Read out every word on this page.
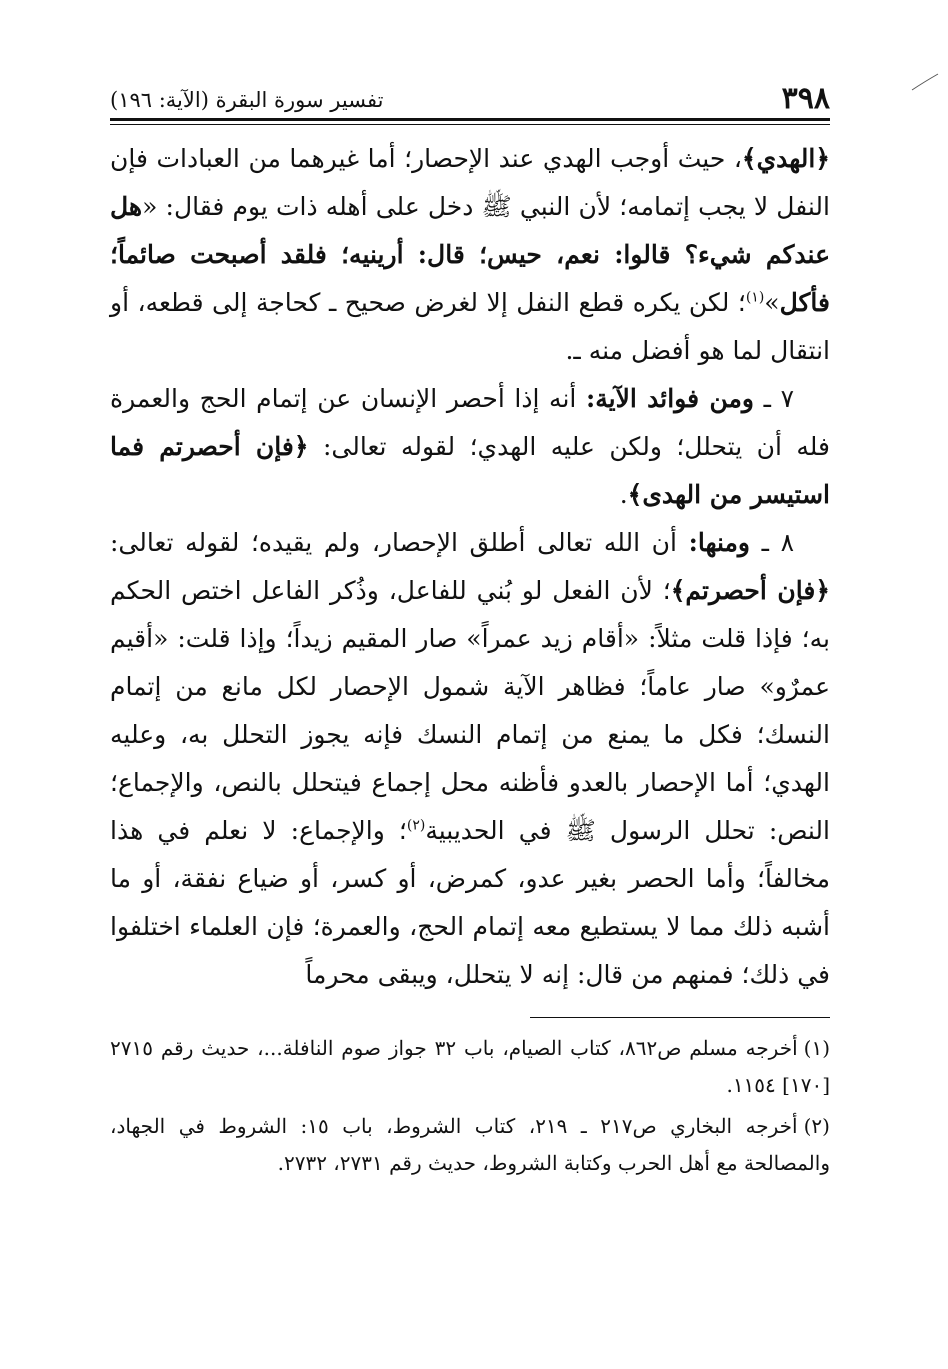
٣٩٨
تفسير سورة البقرة (الآية: ١٩٦)

﴿ الهدي ﴾، حيث أوجب الهدي عند الإحصار؛ أما غيرهما من العبادات فإن النفل لا يجب إتمامه؛ لأن النبي ﷺ دخل على أهله ذات يوم فقال: «هل عندكم شيء؟ قالوا: نعم، حيس؛ قال: أرينيه؛ فلقد أصبحت صائماً؛ فأكل»$^{(١)}$؛ لكن يكره قطع النفل إلا لغرض صحيح ـ كحاجة إلى قطعه، أو انتقال لما هو أفضل منه ـ.

٧ ـ ومن فوائد الآية: أنه إذا أحصر الإنسان عن إتمام الحج والعمرة فله أن يتحلل؛ ولكن عليه الهدي؛ لقوله تعالى: ﴿ فإن أحصرتم فما استيسر من الهدى ﴾.

٨ ـ ومنها: أن الله تعالى أطلق الإحصار، ولم يقيده؛ لقوله تعالى: ﴿ فإن أحصرتم ﴾؛ لأن الفعل لو بُني للفاعل، وذُكر الفاعل اختص الحكم به؛ فإذا قلت مثلاً: «أقام زيد عمراً» صار المقيم زيداً؛ وإذا قلت: «أقيم عمرٌو» صار عاماً؛ فظاهر الآية شمول الإحصار لكل مانع من إتمام النسك؛ فكل ما يمنع من إتمام النسك فإنه يجوز التحلل به، وعليه الهدي؛ أما الإحصار بالعدو فأظنه محل إجماع فيتحلل بالنص، والإجماع؛ النص: تحلل الرسول ﷺ في الحديبية$^{(٢)}$؛ والإجماع: لا نعلم في هذا مخالفاً؛ وأما الحصر بغير عدو، كمرض، أو كسر، أو ضياع نفقة، أو ما أشبه ذلك مما لا يستطيع معه إتمام الحج، والعمرة؛ فإن العلماء اختلفوا في ذلك؛ فمنهم من قال: إنه لا يتحلل، ويبقى محرماً

(١)أخرجه مسلم ص٨٦٢، كتاب الصيام، باب ٣٢ جواز صوم النافلة...، حديث رقم ٢٧١٥ [١٧٠] ١١٥٤.

(٢)أخرجه البخاري ص٢١٧ ـ ٢١٩، كتاب الشروط، باب ١٥: الشروط في الجهاد، والمصالحة مع أهل الحرب وكتابة الشروط، حديث رقم ٢٧٣١، ٢٧٣٢.
